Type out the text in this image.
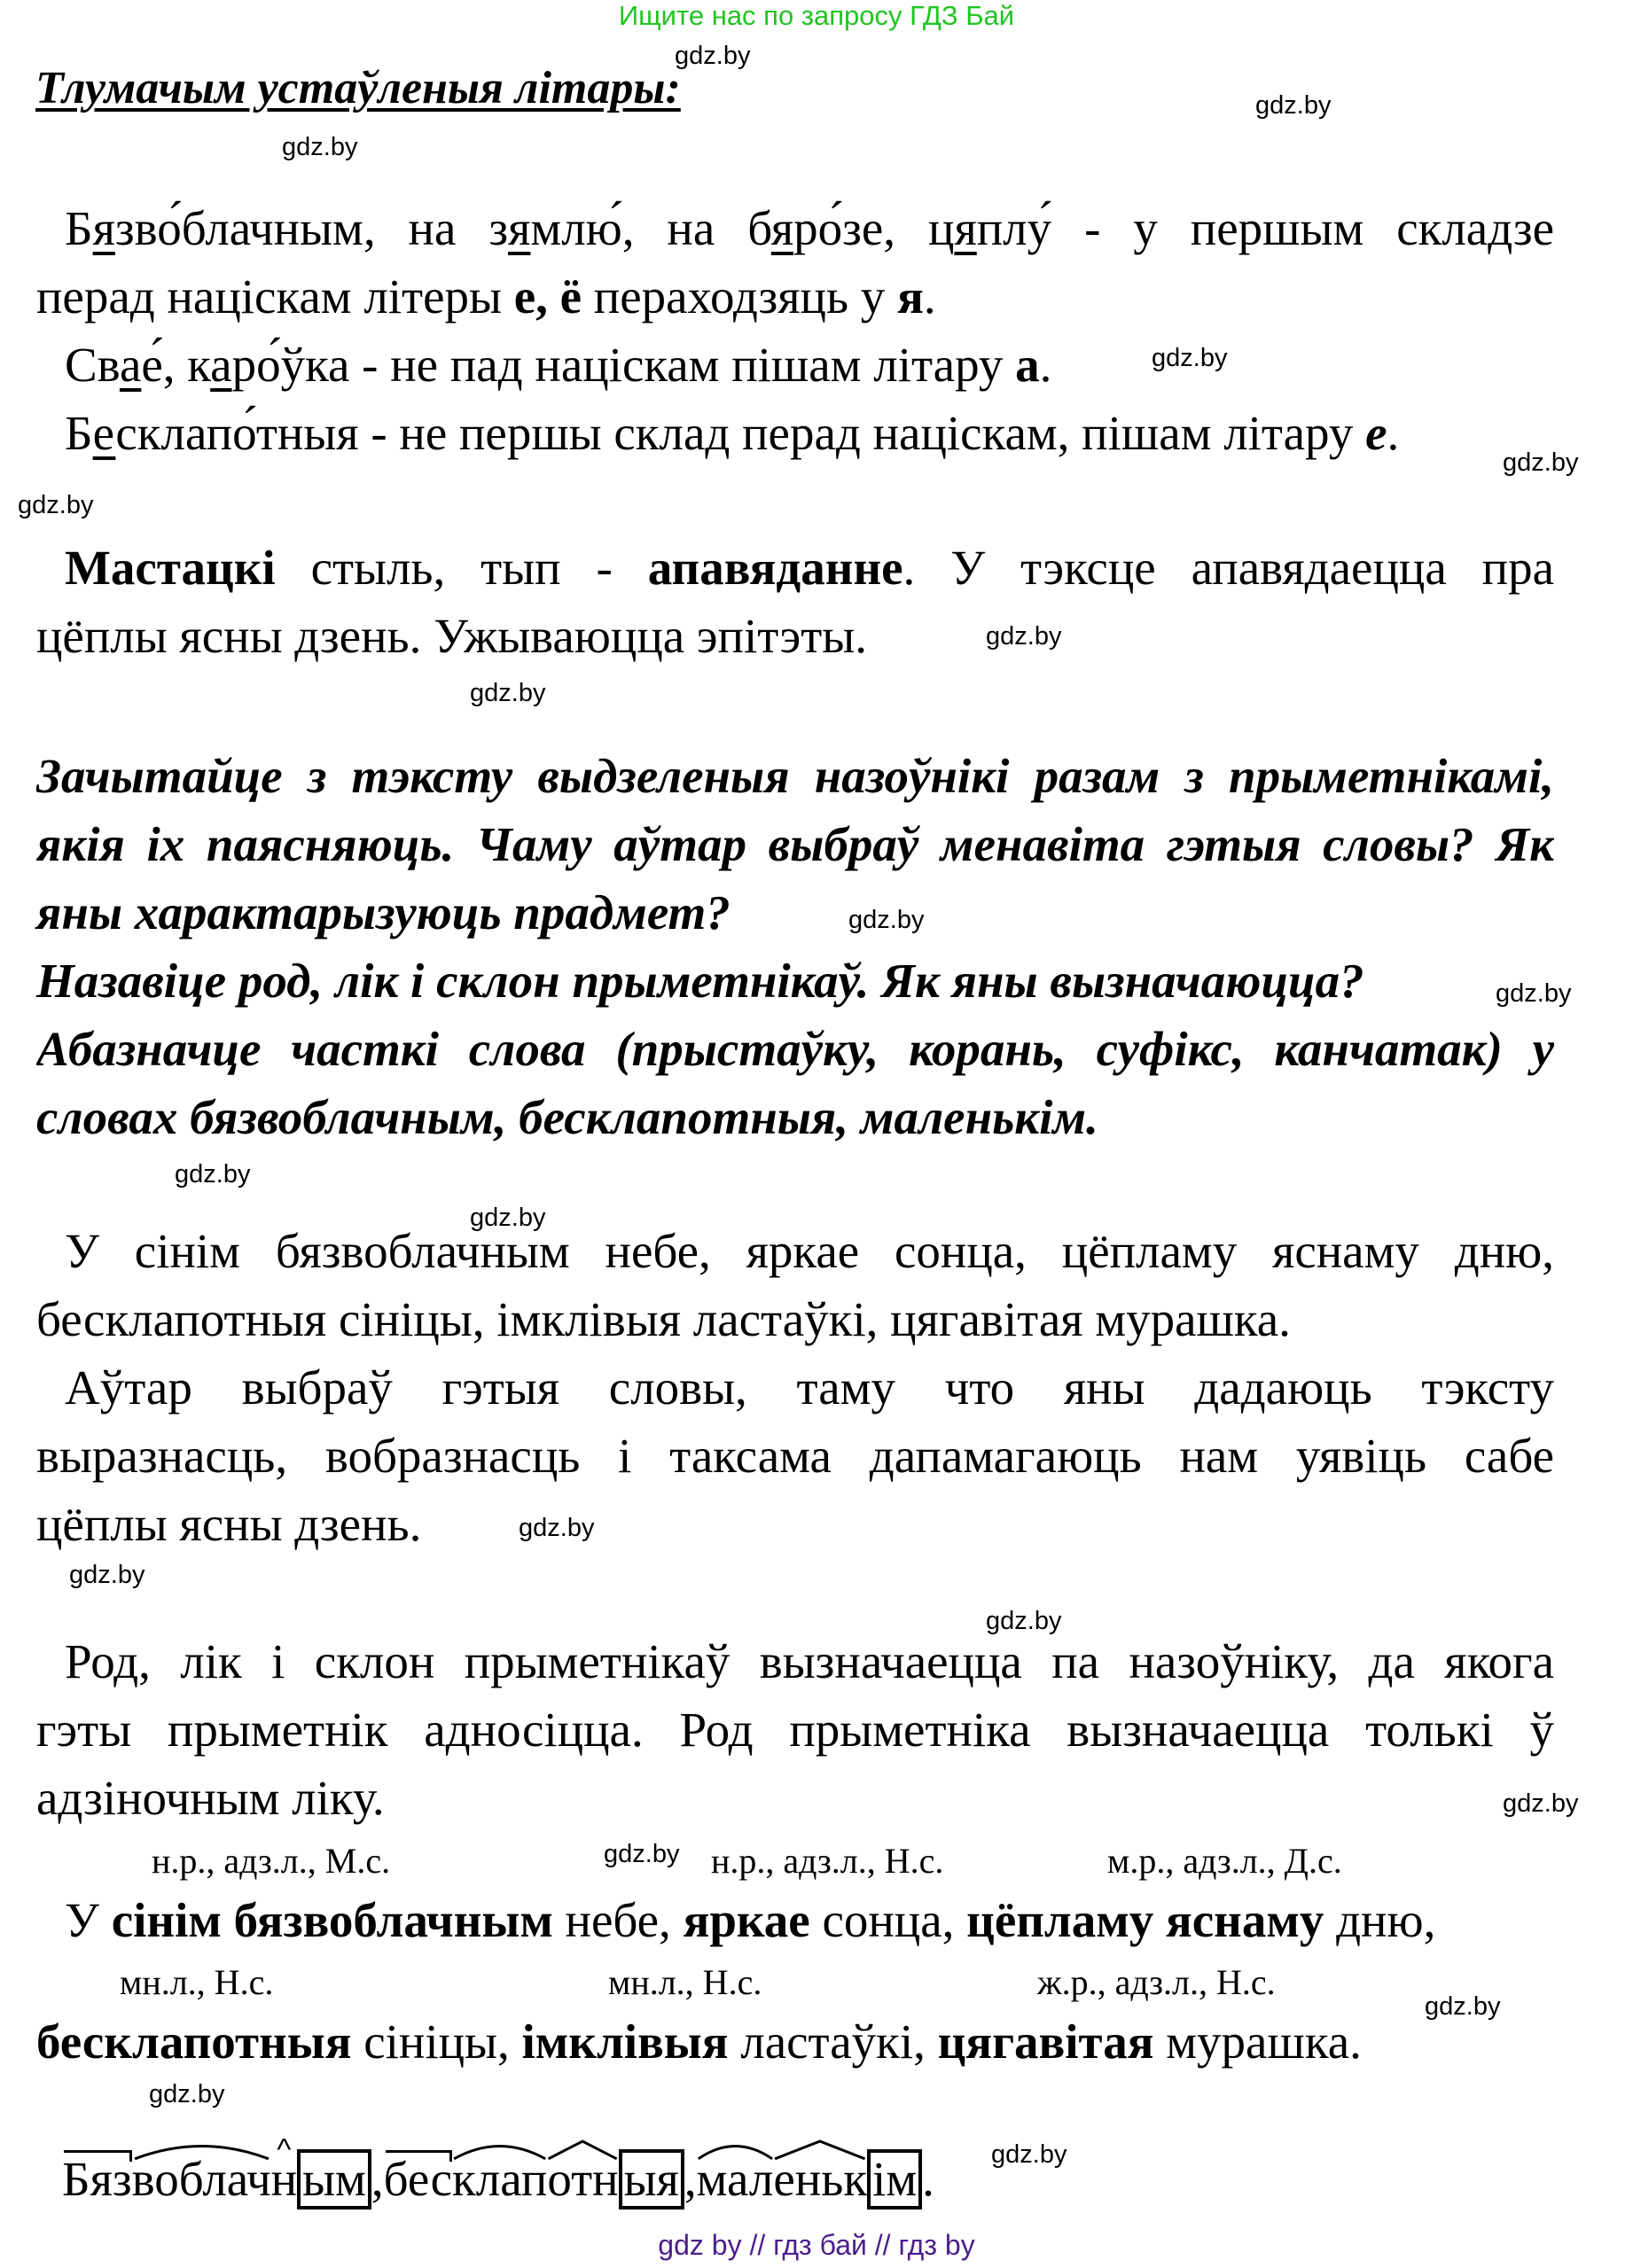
Ищите нас по запросу ГДЗ Бай
Тлумачым устаўленыя літары:
Бязво́блачным, на зямлю́, на бяро́зе, цяплу́ - у першым складзе
перад націскам літеры е, ё пераходзяць у я.
Свае́, каро́ўка - не пад націскам пішам літару а.
Бесклапо́тныя - не першы склад перад націскам, пішам літару е.
Мастацкі стыль, тып - апавяданне. У тэксце апавядаецца пра
цёплы ясны дзень. Ужываюцца эпітэты.
Зачытайце з тэксту выдзеленыя назоўнікі разам з прыметнікамі,
якія іх паясняюць. Чаму аўтар выбраў менавіта гэтыя словы? Як
яны характарызуюць прадмет?
Назавіце род, лік і склон прыметнікаў. Як яны вызначаюцца?
Абазначце часткі слова (прыстаўку, корань, суфікс, канчатак) у
словах бязвоблачным, бесклапотныя, маленькім.
У сінім бязвоблачным небе, яркае сонца, цёпламу яснаму дню,
бесклапотныя сініцы, імклівыя ластаўкі, цягавітая мурашка.
Аўтар выбраў гэтыя словы, таму что яны дадаюць тэксту
выразнасць, вобразнасць і таксама дапамагаюць нам уявіць сабе
цёплы ясны дзень.
Род, лік і склон прыметнікаў вызначаецца па назоўніку, да якога
гэты прыметнік адносіцца. Род прыметніка вызначаецца толькі ў
адзіночным ліку.
н.р., адз.л., М.с.	н.р., адз.л., Н.с.	м.р., адз.л., Д.с.
У сінім бязвоблачным небе, яркае сонца, цёпламу яснаму дню,
мн.л., Н.с.	мн.л., Н.с.	ж.р., адз.л., Н.с.
бесклапотныя сініцы, імклівыя ластаўкі, цягавітая мурашка.
Бязвоблач
^ н ым ,бесклап
отн ыя ,мал
еньк ім .
gdz by // гдз бай // гдз by
gdz.by
gdz.by
gdz.by
gdz.by
gdz.by
gdz.by
gdz.by
gdz.by
gdz.by
gdz.by
gdz.by
gdz.by
gdz.by
gdz.by
gdz.by
gdz.by
gdz.by
gdz.by
gdz.by
gdz.by
